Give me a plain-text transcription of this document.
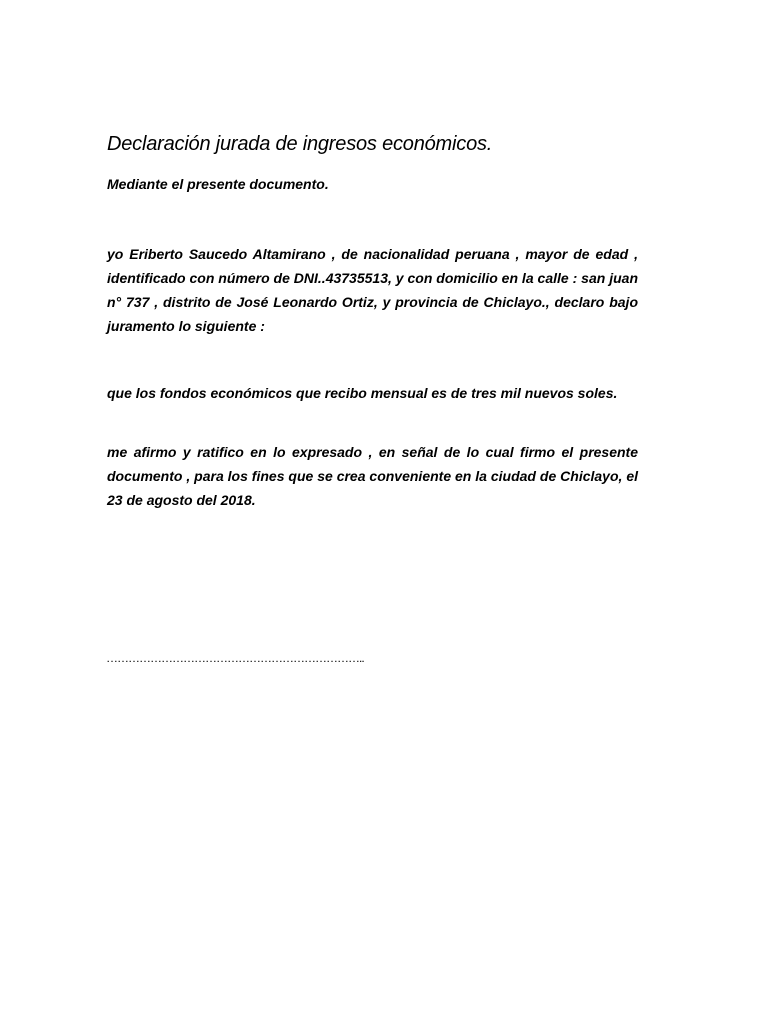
Declaración jurada de ingresos económicos.

Mediante el presente documento.

yo Eriberto Saucedo Altamirano , de nacionalidad peruana , mayor de edad , identificado con número de DNI..43735513, y con domicilio en la calle : san juan n° 737 , distrito de José Leonardo Ortiz, y provincia de Chiclayo., declaro bajo juramento lo siguiente :

que los fondos económicos que recibo mensual es de tres mil nuevos soles.

me afirmo y ratifico en lo expresado , en señal de lo cual firmo el presente documento , para los fines que se crea conveniente en la ciudad de Chiclayo, el 23 de agosto del 2018.

……………………………………………………………..
